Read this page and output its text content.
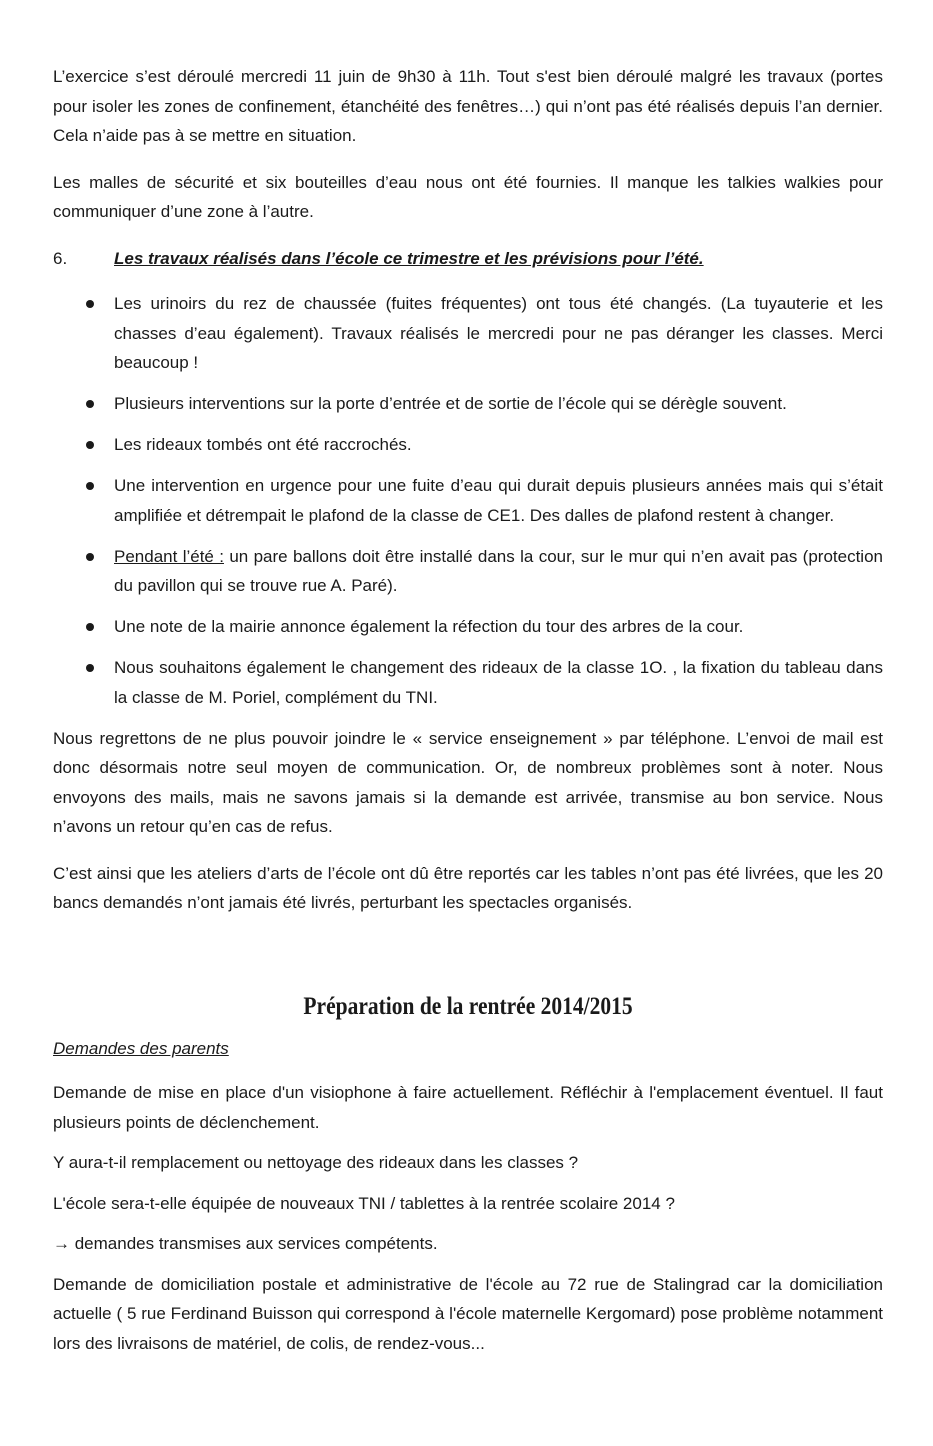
L’exercice s’est déroulé mercredi 11 juin de 9h30 à 11h. Tout s'est bien déroulé malgré les travaux (portes pour isoler les zones de confinement, étanchéité des fenêtres…) qui n’ont pas été réalisés depuis l’an dernier. Cela n’aide pas à se mettre en situation.

Les malles de sécurité et six bouteilles d’eau nous ont été fournies. Il manque les talkies walkies pour communiquer d’une zone à l’autre.

6.	Les travaux réalisés dans l’école ce trimestre et les prévisions pour l’été.
Les urinoirs du rez de chaussée (fuites fréquentes) ont tous été changés. (La tuyauterie et les chasses d’eau également). Travaux réalisés le mercredi pour ne pas déranger les classes. Merci beaucoup !
Plusieurs interventions sur la porte d’entrée et de sortie de l’école qui se dérègle souvent.
Les rideaux tombés ont été raccrochés.
Une intervention en urgence pour une fuite d’eau qui durait depuis plusieurs années mais qui s’était amplifiée et détrempait le plafond de la classe de CE1. Des dalles de plafond restent à changer.
Pendant l’été : un pare ballons doit être installé dans la cour, sur le mur qui n’en avait pas (protection du pavillon qui se trouve rue A. Paré).
Une note de la mairie annonce également la réfection du tour des arbres de la cour.
Nous souhaitons également le changement des rideaux de la classe 1O. , la fixation du tableau dans la classe de M. Poriel, complément du TNI.

Nous regrettons de ne plus pouvoir joindre le « service enseignement » par téléphone. L’envoi de mail est donc désormais notre seul moyen de communication. Or, de nombreux problèmes sont à noter. Nous envoyons des mails, mais ne savons jamais si la demande est arrivée, transmise au bon service. Nous n’avons un retour qu’en cas de refus.

C’est ainsi que les ateliers d’arts de l’école ont dû être reportés car les tables n’ont pas été livrées, que les 20 bancs demandés n’ont jamais été livrés, perturbant les spectacles organisés.

Préparation de la rentrée 2014/2015
Demandes des parents

Demande de mise en place d'un visiophone à faire actuellement. Réfléchir à l'emplacement éventuel. Il faut plusieurs points de déclenchement.

Y aura-t-il remplacement ou nettoyage des rideaux dans les classes ?

L'école sera-t-elle équipée de nouveaux TNI / tablettes à la rentrée scolaire 2014 ?

→ demandes transmises aux services compétents.

Demande de domiciliation postale et administrative de l'école au 72 rue de Stalingrad car la domiciliation actuelle ( 5 rue Ferdinand Buisson qui correspond à l'école maternelle Kergomard) pose problème notamment lors des livraisons de matériel, de colis, de rendez-vous...
